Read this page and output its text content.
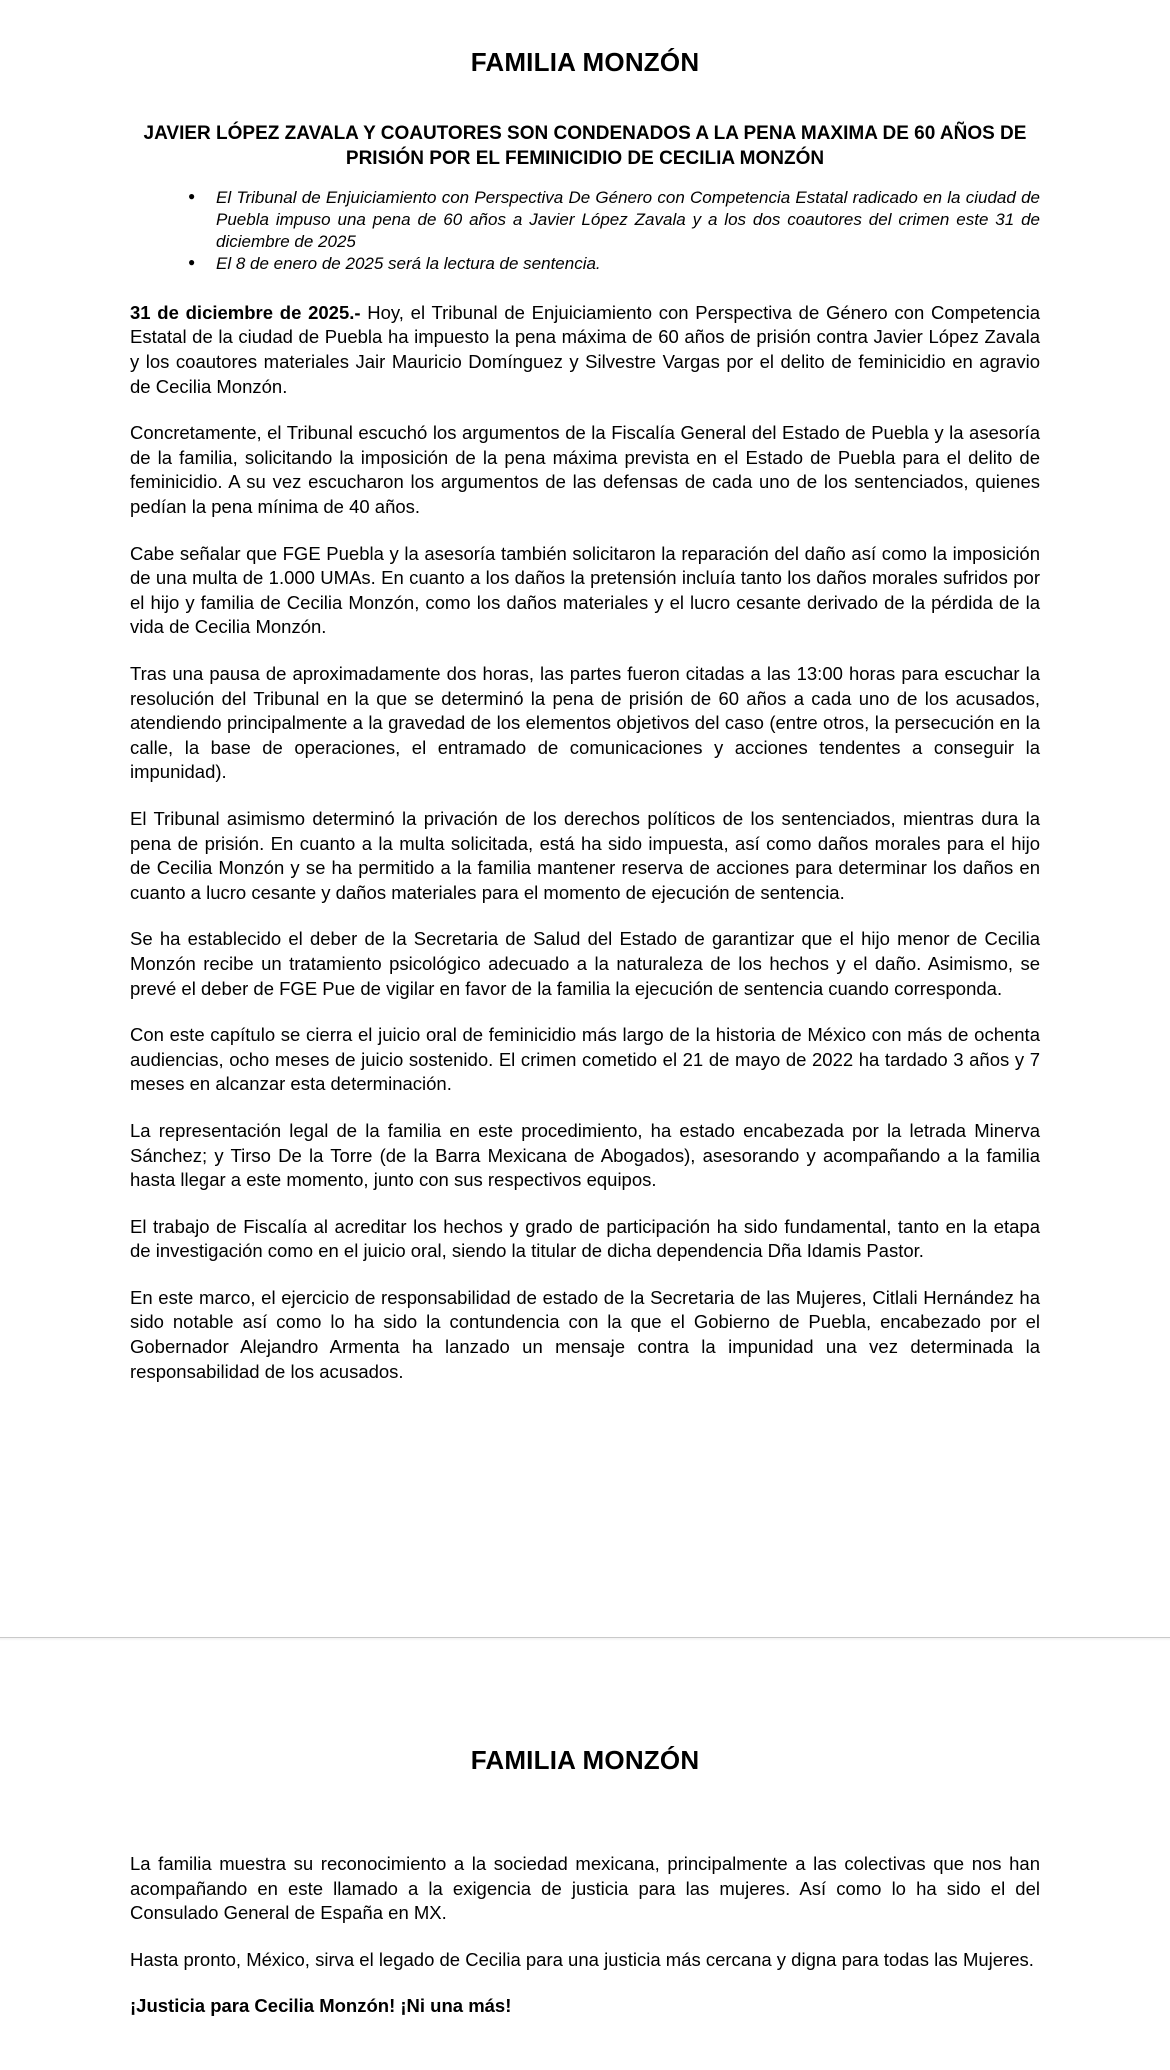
FAMILIA MONZÓN
JAVIER LÓPEZ ZAVALA Y COAUTORES SON CONDENADOS A LA PENA MAXIMA DE 60 AÑOS DE PRISIÓN POR EL FEMINICIDIO DE CECILIA MONZÓN
● El Tribunal de Enjuiciamiento con Perspectiva De Género con Competencia Estatal radicado en la ciudad de Puebla impuso una pena de 60 años a Javier López Zavala y a los dos coautores del crimen este 31 de diciembre de 2025
● El 8 de enero de 2025 será la lectura de sentencia.

31 de diciembre de 2025.- Hoy, el Tribunal de Enjuiciamiento con Perspectiva de Género con Competencia Estatal de la ciudad de Puebla ha impuesto la pena máxima de 60 años de prisión contra Javier López Zavala y los coautores materiales Jair Mauricio Domínguez y Silvestre Vargas por el delito de feminicidio en agravio de Cecilia Monzón.

Concretamente, el Tribunal escuchó los argumentos de la Fiscalía General del Estado de Puebla y la asesoría de la familia, solicitando la imposición de la pena máxima prevista en el Estado de Puebla para el delito de feminicidio. A su vez escucharon los argumentos de las defensas de cada uno de los sentenciados, quienes pedían la pena mínima de 40 años.

Cabe señalar que FGE Puebla y la asesoría también solicitaron la reparación del daño así como la imposición de una multa de 1.000 UMAs. En cuanto a los daños la pretensión incluía tanto los daños morales sufridos por el hijo y familia de Cecilia Monzón, como los daños materiales y el lucro cesante derivado de la pérdida de la vida de Cecilia Monzón.

Tras una pausa de aproximadamente dos horas, las partes fueron citadas a las 13:00 horas para escuchar la resolución del Tribunal en la que se determinó la pena de prisión de 60 años a cada uno de los acusados, atendiendo principalmente a la gravedad de los elementos objetivos del caso (entre otros, la persecución en la calle, la base de operaciones, el entramado de comunicaciones y acciones tendentes a conseguir la impunidad).

El Tribunal asimismo determinó la privación de los derechos políticos de los sentenciados, mientras dura la pena de prisión. En cuanto a la multa solicitada, está ha sido impuesta, así como daños morales para el hijo de Cecilia Monzón y se ha permitido a la familia mantener reserva de acciones para determinar los daños en cuanto a lucro cesante y daños materiales para el momento de ejecución de sentencia.

Se ha establecido el deber de la Secretaria de Salud del Estado de garantizar que el hijo menor de Cecilia Monzón recibe un tratamiento psicológico adecuado a la naturaleza de los hechos y el daño. Asimismo, se prevé el deber de FGE Pue de vigilar en favor de la familia la ejecución de sentencia cuando corresponda.

Con este capítulo se cierra el juicio oral de feminicidio más largo de la historia de México con más de ochenta audiencias, ocho meses de juicio sostenido. El crimen cometido el 21 de mayo de 2022 ha tardado 3 años y 7 meses en alcanzar esta determinación.

La representación legal de la familia en este procedimiento, ha estado encabezada por la letrada Minerva Sánchez; y Tirso De la Torre (de la Barra Mexicana de Abogados), asesorando y acompañando a la familia hasta llegar a este momento, junto con sus respectivos equipos.

El trabajo de Fiscalía al acreditar los hechos y grado de participación ha sido fundamental, tanto en la etapa de investigación como en el juicio oral, siendo la titular de dicha dependencia Dña Idamis Pastor.

En este marco, el ejercicio de responsabilidad de estado de la Secretaria de las Mujeres, Citlali Hernández ha sido notable así como lo ha sido la contundencia con la que el Gobierno de Puebla, encabezado por el Gobernador Alejandro Armenta ha lanzado un mensaje contra la impunidad una vez determinada la responsabilidad de los acusados.

FAMILIA MONZÓN

La familia muestra su reconocimiento a la sociedad mexicana, principalmente a las colectivas que nos han acompañando en este llamado a la exigencia de justicia para las mujeres. Así como lo ha sido el del Consulado General de España en MX.

Hasta pronto, México, sirva el legado de Cecilia para una justicia más cercana y digna para todas las Mujeres.

¡Justicia para Cecilia Monzón! ¡Ni una más!
